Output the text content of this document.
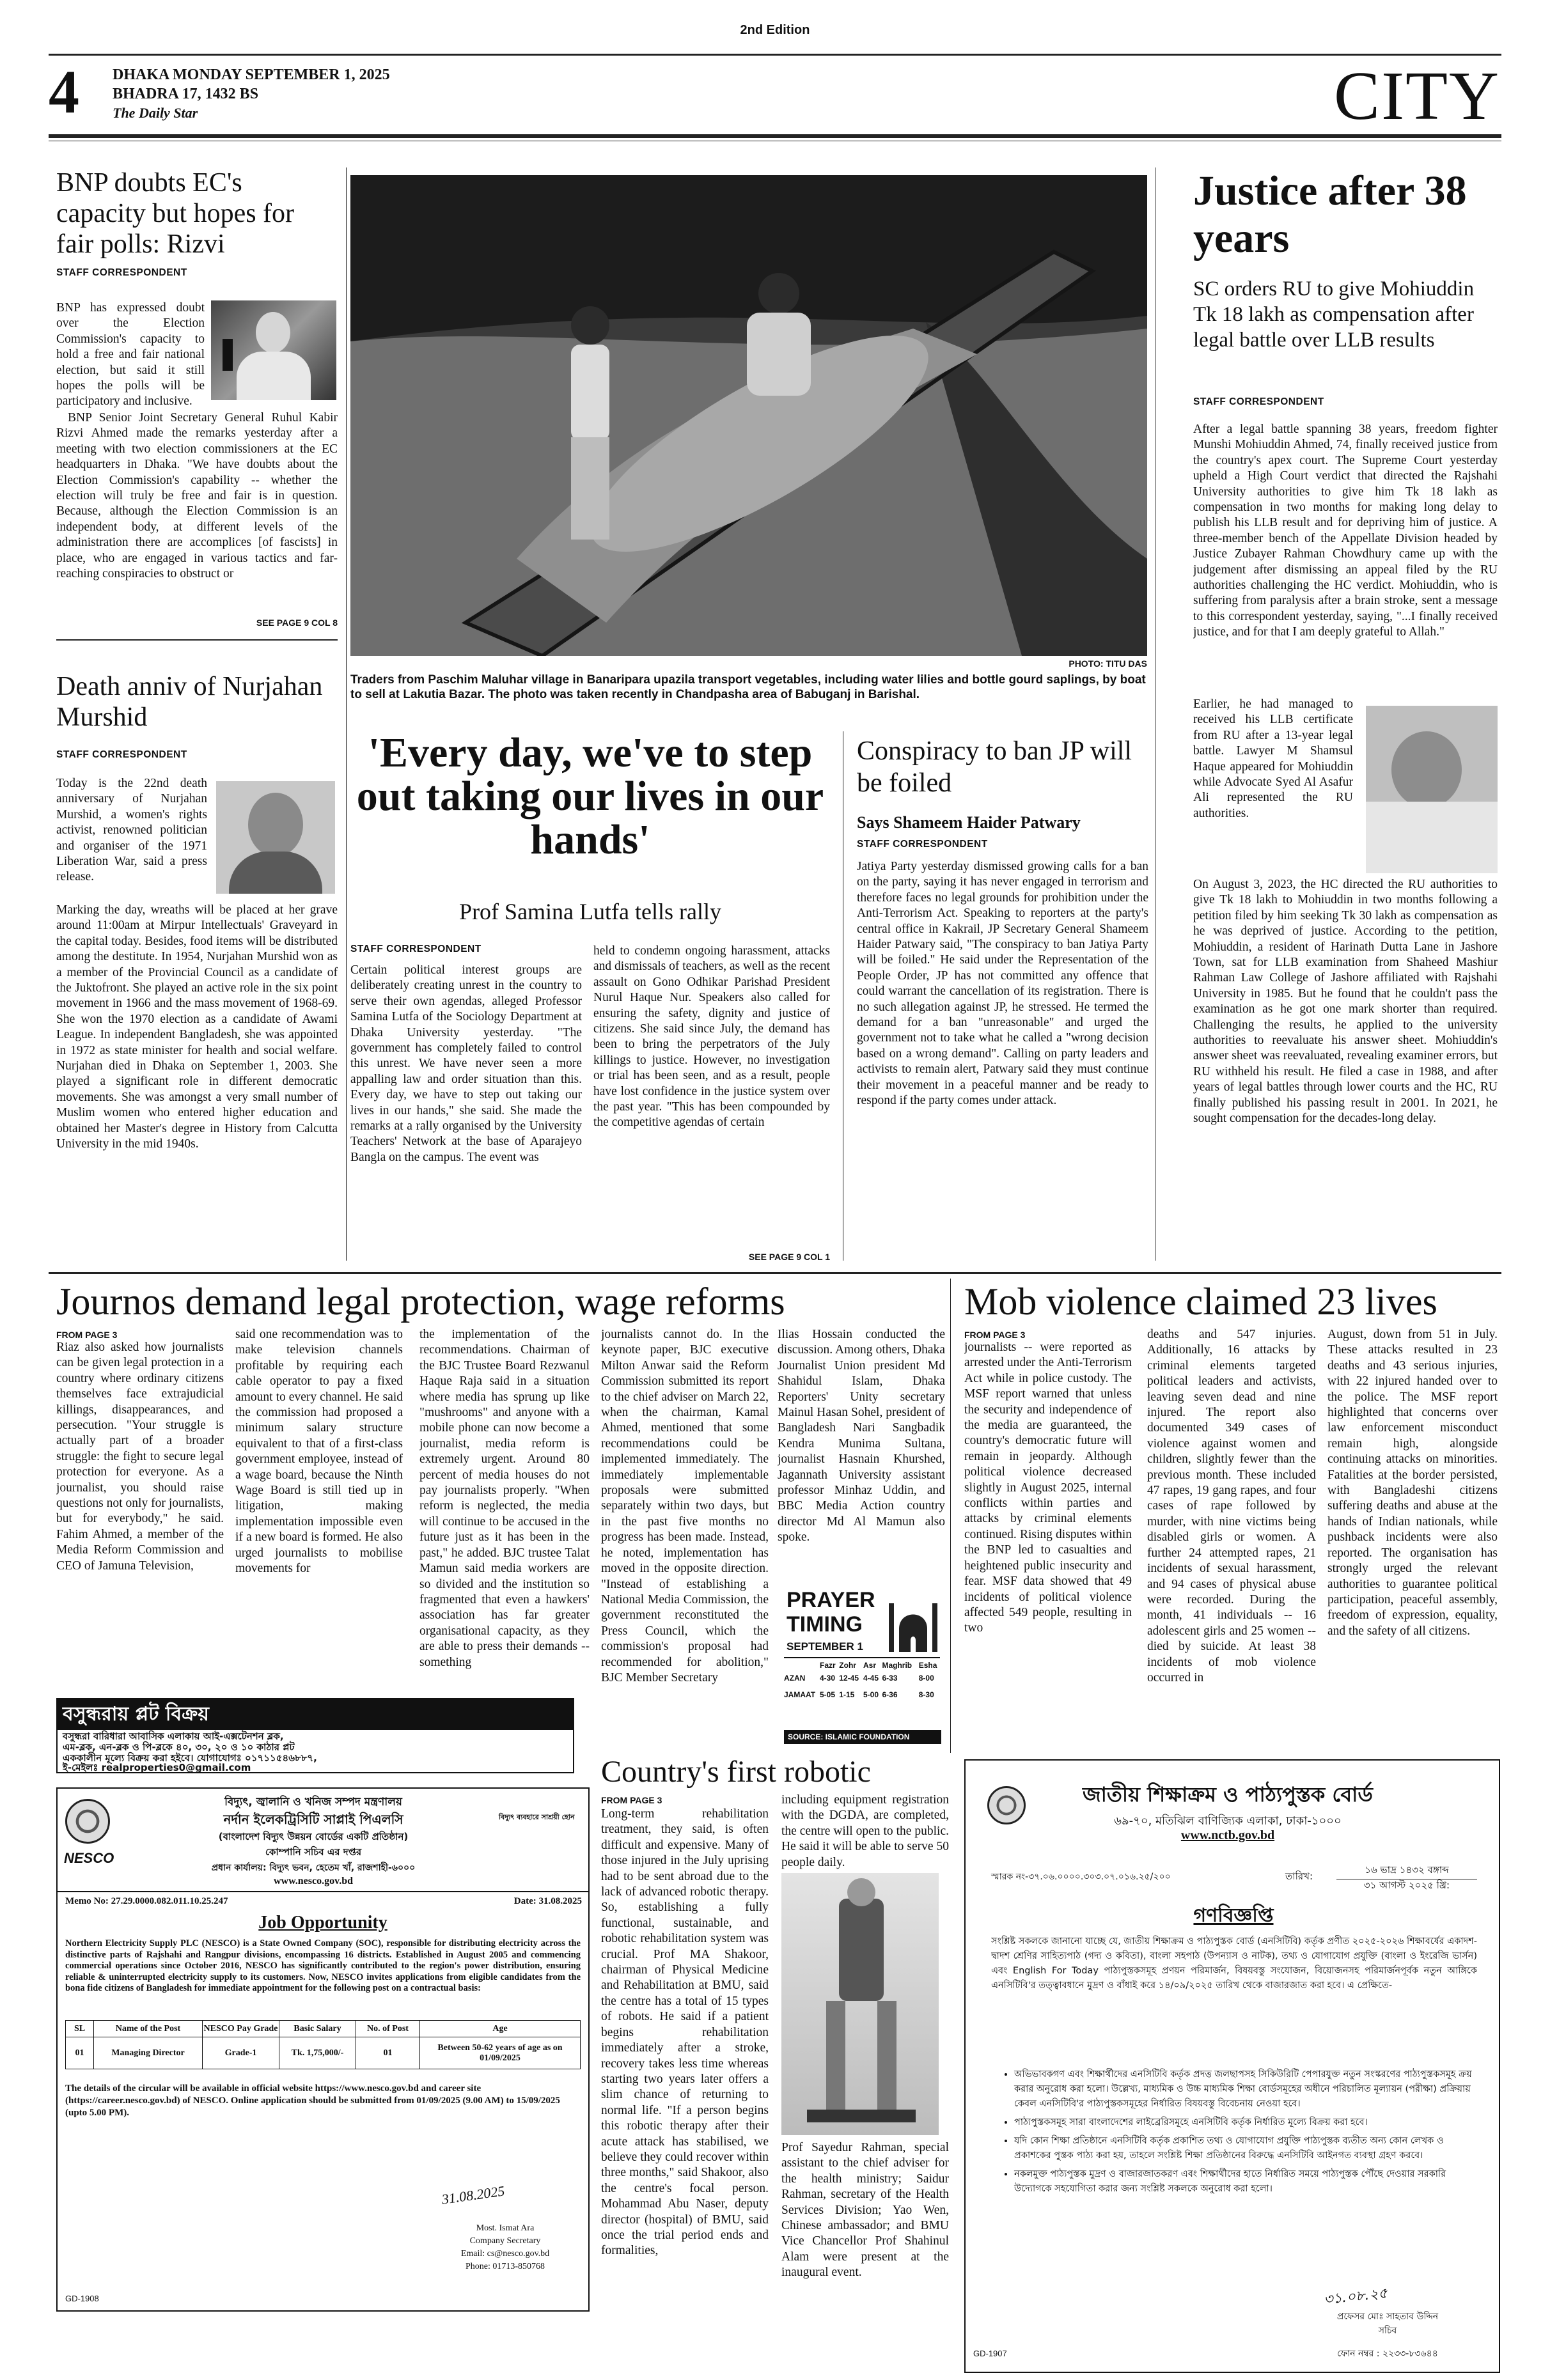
2nd Edition
4	DHAKA MONDAY SEPTEMBER 1, 2025
BHADRA 17, 1432 BS
The Daily Star	CITY
BNP doubts EC's capacity but hopes for fair polls: Rizvi
STAFF CORRESPONDENT
BNP has expressed doubt over the Election Commission's capacity to hold a free and fair national election, but said it still hopes the polls will be participatory and inclusive.
BNP Senior Joint Secretary General Ruhul Kabir Rizvi Ahmed made the remarks yesterday after a meeting with two election commissioners at the EC headquarters in Dhaka. "We have doubts about the Election Commission's capability -- whether the election will truly be free and fair is in question. Because, although the Election Commission is an independent body, at different levels of the administration there are accomplices [of fascists] in place, who are engaged in various tactics and far-reaching conspiracies to obstruct or
SEE PAGE 9 COL 8
Death anniv of Nurjahan Murshid
STAFF CORRESPONDENT
Today is the 22nd death anniversary of Nurjahan Murshid, a women's rights activist, renowned politician and organiser of the 1971 Liberation War, said a press release.
Marking the day, wreaths will be placed at her grave around 11:00am at Mirpur Intellectuals' Graveyard in the capital today. Besides, food items will be distributed among the destitute. In 1954, Nurjahan Murshid won as a member of the Provincial Council as a candidate of the Juktofront. She played an active role in the six point movement in 1966 and the mass movement of 1968-69. She won the 1970 election as a candidate of Awami League. In independent Bangladesh, she was appointed in 1972 as state minister for health and social welfare. Nurjahan died in Dhaka on September 1, 2003. She played a significant role in different democratic movements. She was amongst a very small number of Muslim women who entered higher education and obtained her Master's degree in History from Calcutta University in the mid 1940s.
PHOTO: TITU DAS
Traders from Paschim Maluhar village in Banaripara upazila transport vegetables, including water lilies and bottle gourd saplings, by boat to sell at Lakutia Bazar. The photo was taken recently in Chandpasha area of Babuganj in Barishal.
'Every day, we've to step out taking our lives in our hands'
Prof Samina Lutfa tells rally
STAFF CORRESPONDENT
Certain political interest groups are deliberately creating unrest in the country to serve their own agendas, alleged Professor Samina Lutfa of the Sociology Department at Dhaka University yesterday. "The government has completely failed to control this unrest. We have never seen a more appalling law and order situation than this. Every day, we have to step out taking our lives in our hands," she said. She made the remarks at a rally organised by the University Teachers' Network at the base of Aparajeyo Bangla on the campus. The event was
held to condemn ongoing harassment, attacks and dismissals of teachers, as well as the recent assault on Gono Odhikar Parishad President Nurul Haque Nur. Speakers also called for ensuring the safety, dignity and justice of citizens. She said since July, the demand has been to bring the perpetrators of the July killings to justice. However, no investigation or trial has been seen, and as a result, people have lost confidence in the justice system over the past year. "This has been compounded by the competitive agendas of certain
SEE PAGE 9 COL 1
Conspiracy to ban JP will be foiled
Says Shameem Haider Patwary
STAFF CORRESPONDENT
Jatiya Party yesterday dismissed growing calls for a ban on the party, saying it has never engaged in terrorism and therefore faces no legal grounds for prohibition under the Anti-Terrorism Act. Speaking to reporters at the party's central office in Kakrail, JP Secretary General Shameem Haider Patwary said, "The conspiracy to ban Jatiya Party will be foiled." He said under the Representation of the People Order, JP has not committed any offence that could warrant the cancellation of its registration. There is no such allegation against JP, he stressed. He termed the demand for a ban "unreasonable" and urged the government not to take what he called a "wrong decision based on a wrong demand". Calling on party leaders and activists to remain alert, Patwary said they must continue their movement in a peaceful manner and be ready to respond if the party comes under attack.
Justice after 38 years
SC orders RU to give Mohiuddin Tk 18 lakh as compensation after legal battle over LLB results
STAFF CORRESPONDENT
After a legal battle spanning 38 years, freedom fighter Munshi Mohiuddin Ahmed, 74, finally received justice from the country's apex court. The Supreme Court yesterday upheld a High Court verdict that directed the Rajshahi University authorities to give him Tk 18 lakh as compensation in two months for making long delay to publish his LLB result and for depriving him of justice. A three-member bench of the Appellate Division headed by Justice Zubayer Rahman Chowdhury came up with the judgement after dismissing an appeal filed by the RU authorities challenging the HC verdict. Mohiuddin, who is suffering from paralysis after a brain stroke, sent a message to this correspondent yesterday, saying, "...I finally received justice, and for that I am deeply grateful to Allah."
Earlier, he had managed to received his LLB certificate from RU after a 13-year legal battle. Lawyer M Shamsul Haque appeared for Mohiuddin while Advocate Syed Al Asafur Ali represented the RU authorities.
On August 3, 2023, the HC directed the RU authorities to give Tk 18 lakh to Mohiuddin in two months following a petition filed by him seeking Tk 30 lakh as compensation as he was deprived of justice. According to the petition, Mohiuddin, a resident of Harinath Dutta Lane in Jashore Town, sat for LLB examination from Shaheed Mashiur Rahman Law College of Jashore affiliated with Rajshahi University in 1985. But he found that he couldn't pass the examination as he got one mark shorter than required. Challenging the results, he applied to the university authorities to reevaluate his answer sheet. Mohiuddin's answer sheet was reevaluated, revealing examiner errors, but RU withheld his result. He filed a case in 1988, and after years of legal battles through lower courts and the HC, RU finally published his passing result in 2001. In 2021, he sought compensation for the decades-long delay.
Journos demand legal protection, wage reforms
FROM PAGE 3
Riaz also asked how journalists can be given legal protection in a country where ordinary citizens themselves face extrajudicial killings, disappearances, and persecution. "Your struggle is actually part of a broader struggle: the fight to secure legal protection for everyone. As a journalist, you should raise questions not only for journalists, but for everybody," he said. Fahim Ahmed, a member of the Media Reform Commission and CEO of Jamuna Television,
said one recommendation was to make television channels profitable by requiring each cable operator to pay a fixed amount to every channel. He said the commission had proposed a minimum salary structure equivalent to that of a first-class government employee, instead of a wage board, because the Ninth Wage Board is still tied up in litigation, making implementation impossible even if a new board is formed. He also urged journalists to mobilise movements for
the implementation of the recommendations. Chairman of the BJC Trustee Board Rezwanul Haque Raja said in a situation where media has sprung up like "mushrooms" and anyone with a mobile phone can now become a journalist, media reform is extremely urgent. Around 80 percent of media houses do not pay journalists properly. "When reform is neglected, the media will continue to be accused in the future just as it has been in the past," he added. BJC trustee Talat Mamun said media workers are so divided and the institution so fragmented that even a hawkers' association has far greater organisational capacity, as they are able to press their demands -- something
journalists cannot do. In the keynote paper, BJC executive Milton Anwar said the Reform Commission submitted its report to the chief adviser on March 22, when the chairman, Kamal Ahmed, mentioned that some recommendations could be implemented immediately. The immediately implementable proposals were submitted separately within two days, but in the past five months no progress has been made. Instead, he noted, implementation has moved in the opposite direction. "Instead of establishing a National Media Commission, the government reconstituted the Press Council, which the commission's proposal had recommended for abolition," BJC Member Secretary
Ilias Hossain conducted the discussion. Among others, Dhaka Journalist Union president Md Shahidul Islam, Dhaka Reporters' Unity secretary Mainul Hasan Sohel, president of Bangladesh Nari Sangbadik Kendra Munima Sultana, journalist Hasnain Khurshed, Jagannath University assistant professor Minhaz Uddin, and BBC Media Action country director Md Al Mamun also spoke.
PRAYER
TIMING
SEPTEMBER 1
	Fazr	Zohr	Asr	Maghrib	Esha
AZAN	4-30	12-45	4-45	6-33	8-00
JAMAAT	5-05	1-15	5-00	6-36	8-30
SOURCE: ISLAMIC FOUNDATION
Mob violence claimed 23 lives
FROM PAGE 3
journalists -- were reported as arrested under the Anti-Terrorism Act while in police custody. The MSF report warned that unless the security and independence of the media are guaranteed, the country's democratic future will remain in jeopardy. Although political violence decreased slightly in August 2025, internal conflicts within parties and attacks by criminal elements continued. Rising disputes within the BNP led to casualties and heightened public insecurity and fear. MSF data showed that 49 incidents of political violence affected 549 people, resulting in two
deaths and 547 injuries. Additionally, 16 attacks by criminal elements targeted political leaders and activists, leaving seven dead and nine injured. The report also documented 349 cases of violence against women and children, slightly fewer than the previous month. These included 47 rapes, 19 gang rapes, and four cases of rape followed by murder, with nine victims being disabled girls or women. A further 24 attempted rapes, 21 incidents of sexual harassment, and 94 cases of physical abuse were recorded. During the month, 41 individuals -- 16 adolescent girls and 25 women -- died by suicide. At least 38 incidents of mob violence occurred in
August, down from 51 in July. These attacks resulted in 23 deaths and 43 serious injuries, with 22 injured handed over to the police. The MSF report highlighted that concerns over law enforcement misconduct remain high, alongside continuing attacks on minorities. Fatalities at the border persisted, with Bangladeshi citizens suffering deaths and abuse at the hands of Indian nationals, while pushback incidents were also reported. The organisation has strongly urged the relevant authorities to guarantee political participation, peaceful assembly, freedom of expression, equality, and the safety of all citizens.
বসুন্ধরায় প্লট বিক্রয়
বসুন্ধরা বারিধারা আবাসিক এলাকায় আই-এক্সটেনশন ব্লক,
এম-ব্লক, এন-ব্লক ও পি-ব্লকে ৪০, ৩০, ২০ ও ১০ কাঠার প্লট
এককালীন মূল্যে বিক্রয় করা হইবে। যোগাযোগঃ ০১৭১১৫৪৬৮৮৭,
ই-মেইলঃ realproperties0@gmail.com
বিদ্যুৎ, জ্বালানি ও খনিজ সম্পদ মন্ত্রণালয়
নর্দান ইলেকট্রিসিটি সাপ্লাই পিএলসি
(বাংলাদেশ বিদ্যুৎ উন্নয়ন বোর্ডের একটি প্রতিষ্ঠান)
কোম্পানি সচিব এর দপ্তর
প্রধান কার্যালয়: বিদ্যুৎ ভবন, হেতেম খাঁ, রাজশাহী-৬০০০
www.nesco.gov.bd
বিদ্যুৎ ব্যবহারে সাশ্রয়ী হোন
NESCO
Memo No: 27.29.0000.082.011.10.25.247	Date: 31.08.2025
Job Opportunity
Northern Electricity Supply PLC (NESCO) is a State Owned Company (SOC), responsible for distributing electricity across the distinctive parts of Rajshahi and Rangpur divisions, encompassing 16 districts. Established in August 2005 and commencing commercial operations since October 2016, NESCO has significantly contributed to the region's power distribution, ensuring reliable & uninterrupted electricity supply to its customers. Now, NESCO invites applications from eligible candidates from the bona fide citizens of Bangladesh for immediate appointment for the following post on a contractual basis:
SL	Name of the Post	NESCO Pay Grade	Basic Salary	No. of Post	Age
01	Managing Director	Grade-1	Tk. 1,75,000/-	01	Between 50-62 years of age as on 01/09/2025
The details of the circular will be available in official website https://www.nesco.gov.bd and career site (https://career.nesco.gov.bd) of NESCO. Online application should be submitted from 01/09/2025 (9.00 AM) to 15/09/2025 (upto 5.00 PM).
31.08.2025
Most. Ismat Ara
Company Secretary
Email: cs@nesco.gov.bd
Phone: 01713-850768
GD-1908
Country's first robotic
FROM PAGE 3
Long-term rehabilitation treatment, they said, is often difficult and expensive. Many of those injured in the July uprising had to be sent abroad due to the lack of advanced robotic therapy. So, establishing a fully functional, sustainable, and robotic rehabilitation system was crucial. Prof MA Shakoor, chairman of Physical Medicine and Rehabilitation at BMU, said the centre has a total of 15 types of robots. He said if a patient begins rehabilitation immediately after a stroke, recovery takes less time whereas starting two years later offers a slim chance of returning to normal life. "If a person begins this robotic therapy after their acute attack has stabilised, we believe they could recover within three months," said Shakoor, also the centre's focal person. Mohammad Abu Naser, deputy director (hospital) of BMU, said once the trial period ends and formalities,
including equipment registration with the DGDA, are completed, the centre will open to the public. He said it will be able to serve 50 people daily.
Prof Sayedur Rahman, special assistant to the chief adviser for the health ministry; Saidur Rahman, secretary of the Health Services Division; Yao Wen, Chinese ambassador; and BMU Vice Chancellor Prof Shahinul Alam were present at the inaugural event.
জাতীয় শিক্ষাক্রম ও পাঠ্যপুস্তক বোর্ড
৬৯-৭০, মতিঝিল বাণিজ্যিক এলাকা, ঢাকা-১০০০
www.nctb.gov.bd
স্মারক নং-৩৭.০৬.০০০০.৩০৩.০৭.০১৬.২৫/২০০	তারিখ:
১৬ ভাদ্র ১৪৩২ বঙ্গাব্দ
৩১ আগস্ট ২০২৫ খ্রি:
গণবিজ্ঞপ্তি
সংশ্লিষ্ট সকলকে জানানো যাচ্ছে যে, জাতীয় শিক্ষাক্রম ও পাঠ্যপুস্তক বোর্ড (এনসিটিবি) কর্তৃক প্রণীত ২০২৫-২০২৬ শিক্ষাবর্ষের একাদশ-দ্বাদশ শ্রেণির সাহিত্যপাঠ (গদ্য ও কবিতা), বাংলা সহপাঠ (উপন্যাস ও নাটক), তথ্য ও যোগাযোগ প্রযুক্তি (বাংলা ও ইংরেজি ভার্সন) এবং English For Today পাঠ্যপুস্তকসমূহ প্রণয়ন পরিমার্জন, বিষয়বস্তু সংযোজন, বিয়োজনসহ পরিমার্জনপূর্বক নতুন আঙ্গিকে এনসিটিবি'র তত্ত্বাবধানে মুদ্রণ ও বাঁধাই করে ১৪/০৯/২০২৫ তারিখ থেকে বাজারজাত করা হবে। এ প্রেক্ষিতে-
• অভিভাবকগণ এবং শিক্ষার্থীদের এনসিটিবি কর্তৃক প্রদত্ত জলছাপসহ সিকিউরিটি পেপারযুক্ত নতুন সংস্করণের পাঠ্যপুস্তকসমূহ ক্রয় করার অনুরোধ করা হলো। উল্লেখ্য, মাধ্যমিক ও উচ্চ মাধ্যমিক শিক্ষা বোর্ডসমূহের অধীনে পরিচালিত মূল্যায়ন (পরীক্ষা) প্রক্রিয়ায় কেবল এনসিটিবি'র পাঠ্যপুস্তকসমূহের নির্ধারিত বিষয়বস্তু বিবেচনায় নেওয়া হবে।
• পাঠ্যপুস্তকসমূহ সারা বাংলাদেশের লাইব্রেরিসমূহে এনসিটিবি কর্তৃক নির্ধারিত মূল্যে বিক্রয় করা হবে।
• যদি কোন শিক্ষা প্রতিষ্ঠানে এনসিটিবি কর্তৃক প্রকাশিত তথ্য ও যোগাযোগ প্রযুক্তি পাঠ্যপুস্তক ব্যতীত অন্য কোন লেখক ও প্রকাশকের পুস্তক পাঠ্য করা হয়, তাহলে সংশ্লিষ্ট শিক্ষা প্রতিষ্ঠানের বিরুদ্ধে এনসিটিবি আইনগত ব্যবস্থা গ্রহণ করবে।
• নকলমুক্ত পাঠ্যপুস্তক মুদ্রণ ও বাজারজাতকরণ এবং শিক্ষার্থীদের হাতে নির্ধারিত সময়ে পাঠ্যপুস্তক পৌঁছে দেওয়ার সরকারি উদ্যোগকে সহযোগিতা করার জন্য সংশ্লিষ্ট সকলকে অনুরোধ করা হলো।
৩১.০৮.২৫
প্রফেসর মোঃ সাহতাব উদ্দিন
সচিব
ফোন নম্বর : ২২৩৩-৮৩৬৪৪
GD-1907
